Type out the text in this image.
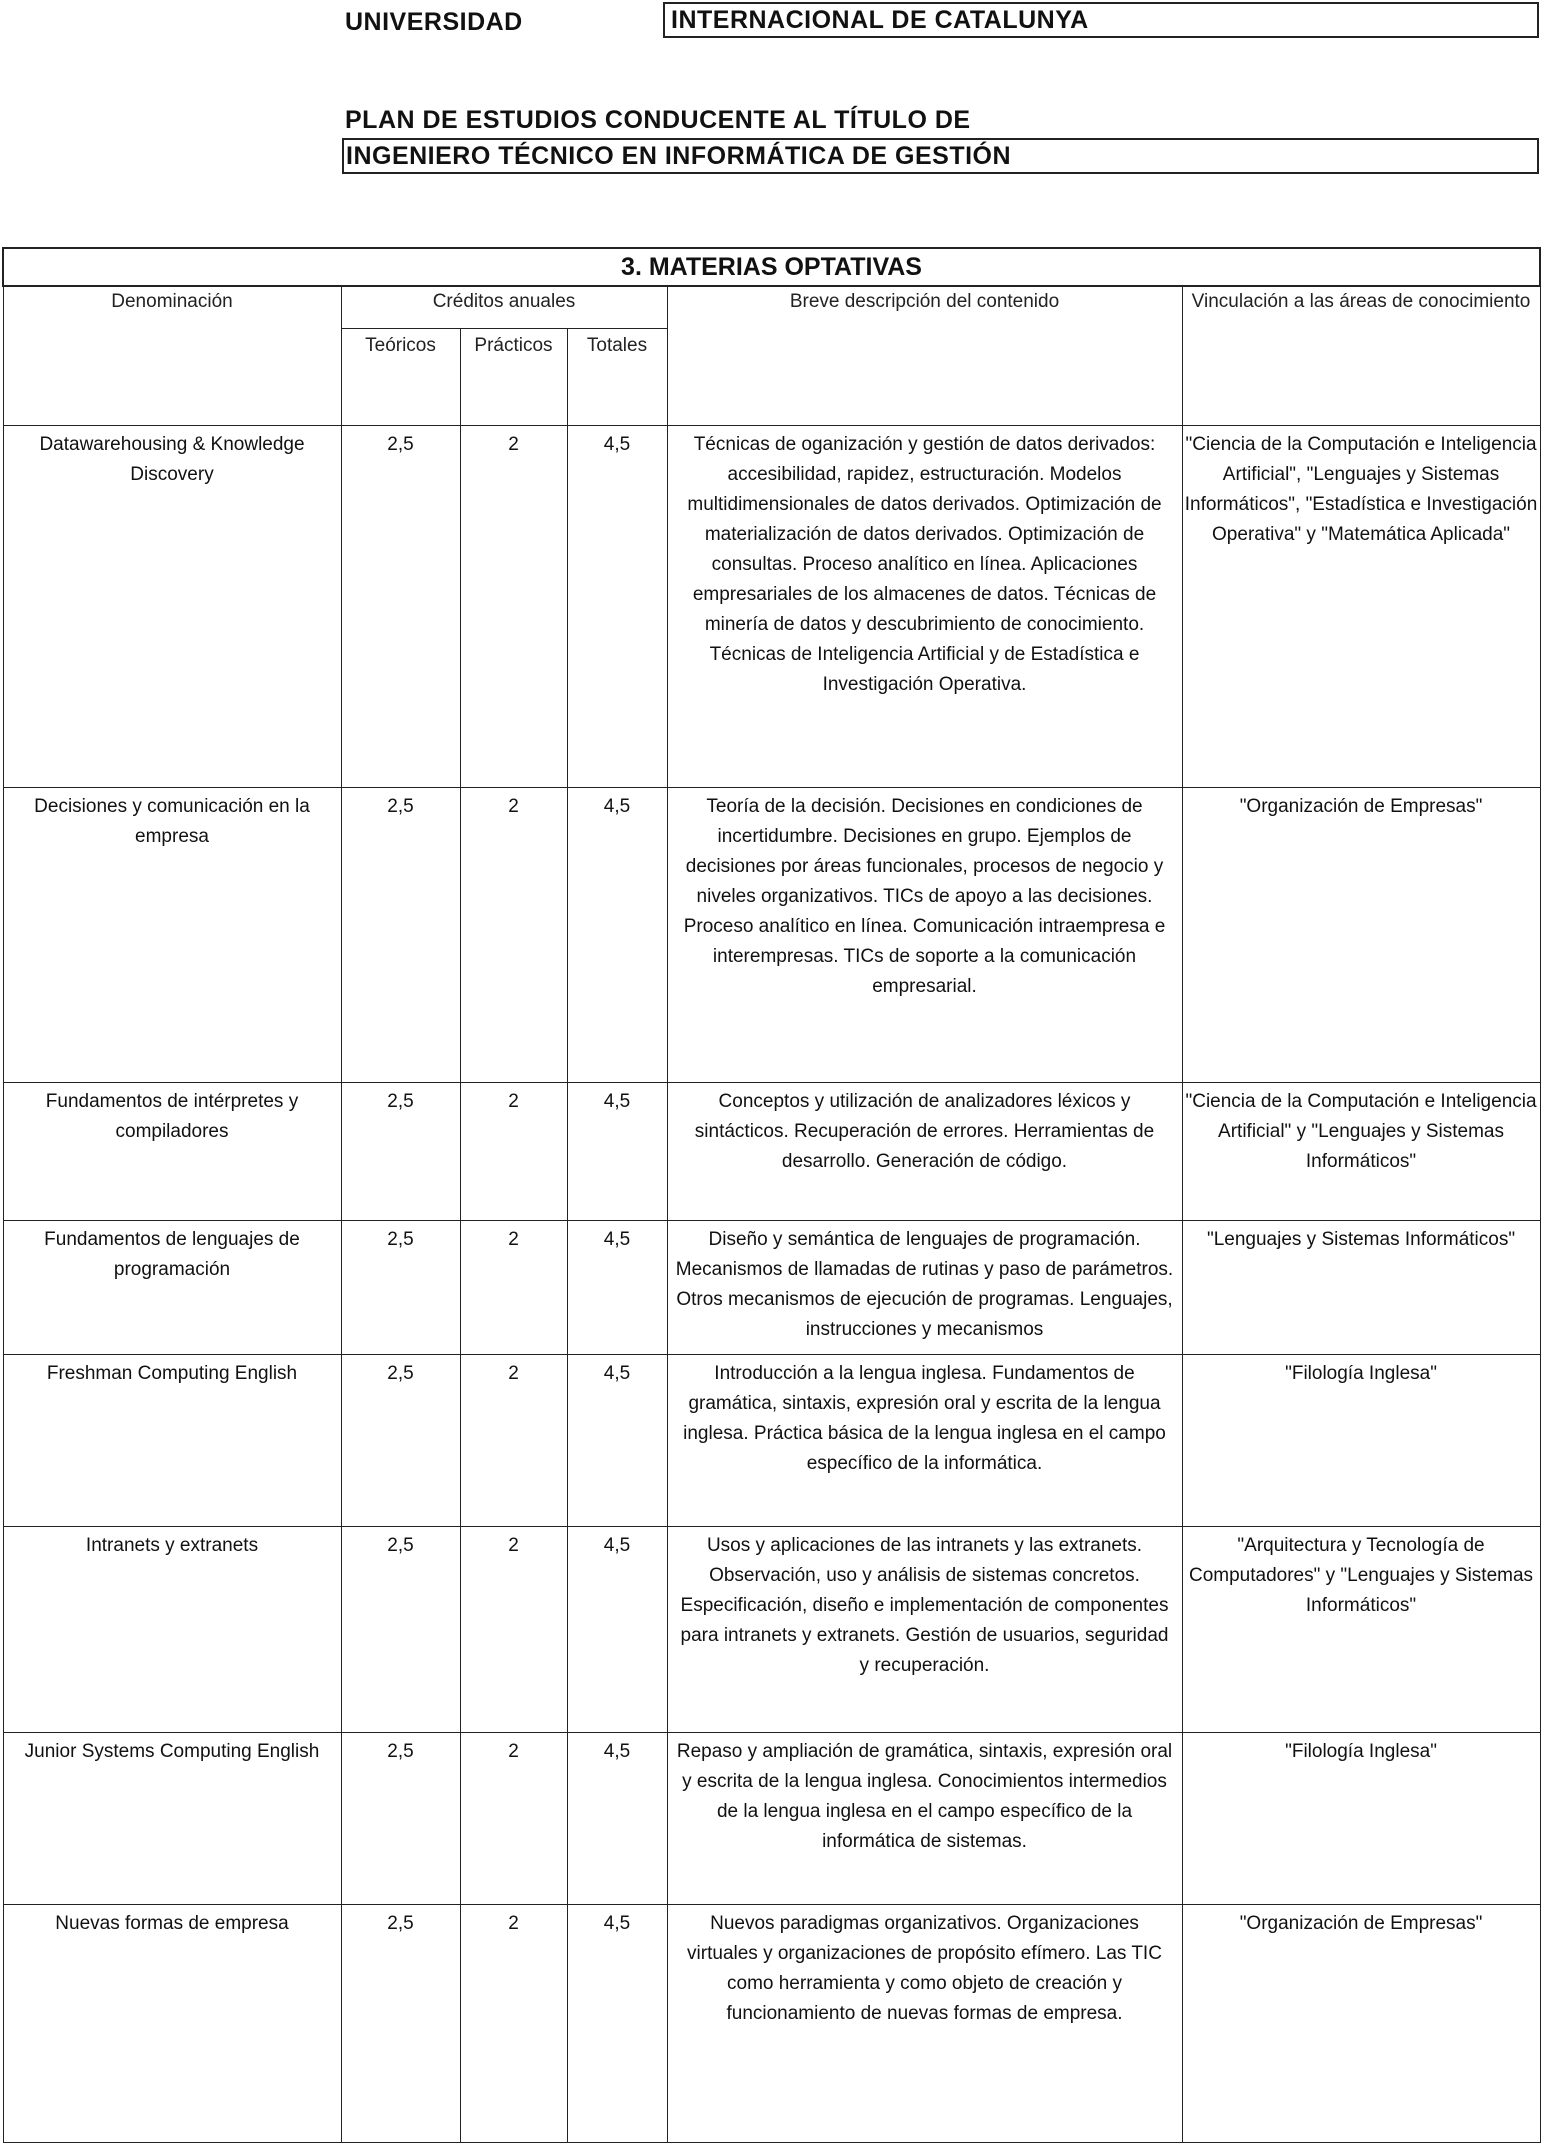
UNIVERSIDAD	INTERNACIONAL DE CATALUNYA
PLAN DE ESTUDIOS CONDUCENTE AL TÍTULO DE
INGENIERO TÉCNICO EN INFORMÁTICA DE GESTIÓN
3. MATERIAS OPTATIVAS					
Denominación	Créditos anuales			Breve descripción del contenido	Vinculación a las áreas de conocimiento
	Teóricos	Prácticos	Totales		
Datawarehousing & Knowledge Discovery	2,5	2	4,5	Técnicas de oganización y gestión de datos derivados: accesibilidad, rapidez, estructuración. Modelos multidimensionales de datos derivados. Optimización de materialización de datos derivados. Optimización de consultas. Proceso analítico en línea. Aplicaciones empresariales de los almacenes de datos. Técnicas de minería de datos y descubrimiento de conocimiento. Técnicas de Inteligencia Artificial y de Estadística e Investigación Operativa.	"Ciencia de la Computación e Inteligencia Artificial", "Lenguajes y Sistemas Informáticos", "Estadística e Investigación Operativa" y "Matemática Aplicada"
Decisiones y comunicación en la empresa	2,5	2	4,5	Teoría de la decisión. Decisiones en condiciones de incertidumbre. Decisiones en grupo. Ejemplos de decisiones por áreas funcionales, procesos de negocio y niveles organizativos. TICs de apoyo a las decisiones. Proceso analítico en línea. Comunicación intraempresa e interempresas. TICs de soporte a la comunicación empresarial.	"Organización de Empresas"
Fundamentos de intérpretes y compiladores	2,5	2	4,5	Conceptos y utilización de analizadores léxicos y sintácticos. Recuperación de errores. Herramientas de desarrollo. Generación de código.	"Ciencia de la Computación e Inteligencia Artificial" y "Lenguajes y Sistemas Informáticos"
Fundamentos de lenguajes de programación	2,5	2	4,5	Diseño y semántica de lenguajes de programación. Mecanismos de llamadas de rutinas y paso de parámetros. Otros mecanismos de ejecución de programas. Lenguajes, instrucciones y mecanismos	"Lenguajes y Sistemas Informáticos"
Freshman Computing English	2,5	2	4,5	Introducción a la lengua inglesa. Fundamentos de gramática, sintaxis, expresión oral y escrita de la lengua inglesa. Práctica básica de la lengua inglesa en el campo específico de la informática.	"Filología Inglesa"
Intranets y extranets	2,5	2	4,5	Usos y aplicaciones de las intranets y las extranets. Observación, uso y análisis de sistemas concretos. Especificación, diseño e implementación de componentes para intranets y extranets. Gestión de usuarios, seguridad y recuperación.	"Arquitectura y Tecnología de Computadores" y "Lenguajes y Sistemas Informáticos"
Junior Systems Computing English	2,5	2	4,5	Repaso y ampliación de gramática, sintaxis, expresión oral y escrita de la lengua inglesa. Conocimientos intermedios de la lengua inglesa en el campo específico de la informática de sistemas.	"Filología Inglesa"
Nuevas formas de empresa	2,5	2	4,5	Nuevos paradigmas organizativos. Organizaciones virtuales y organizaciones de propósito efímero. Las TIC como herramienta y como objeto de creación y funcionamiento de nuevas formas de empresa.	"Organización de Empresas"
